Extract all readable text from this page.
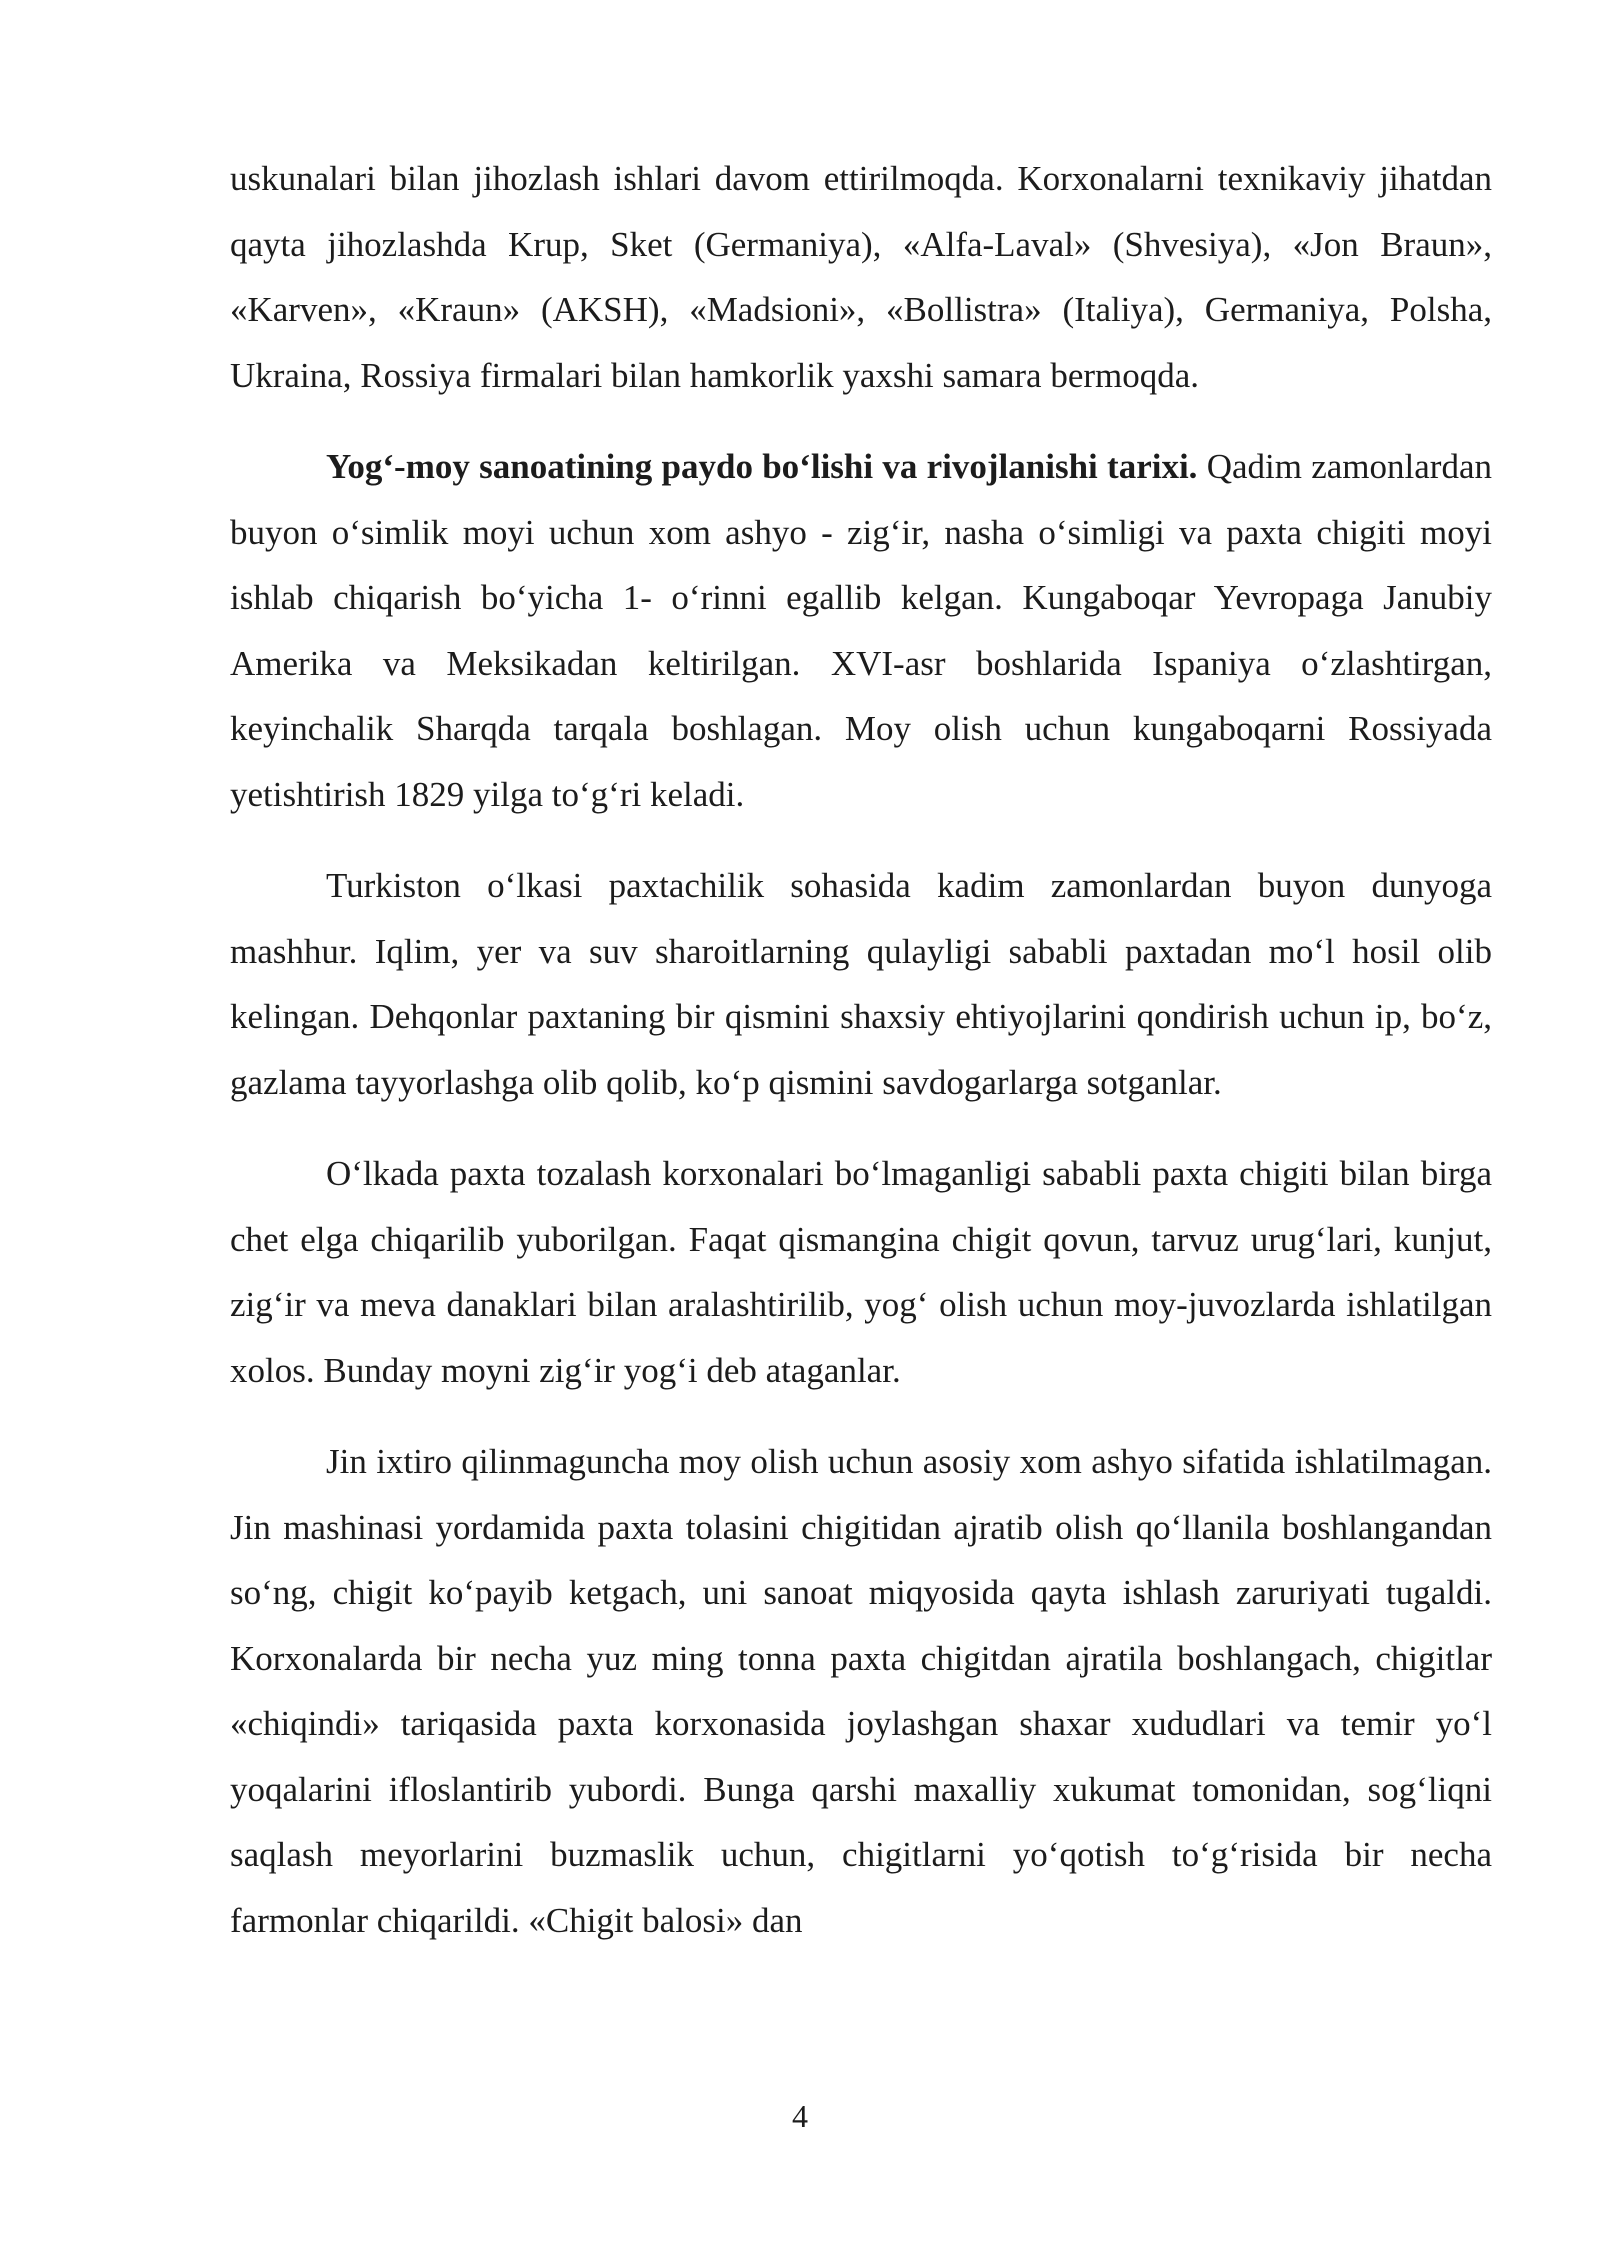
uskunalari bilan jihozlash ishlari davom ettirilmoqda. Korxonalarni texnikaviy jihatdan qayta jihozlashda Krup, Sket (Germaniya), «Alfa-Laval» (Shvesiya), «Jon Braun», «Karven», «Kraun» (AKSH), «Madsioni», «Bollistra» (Italiya), Germaniya, Polsha, Ukraina, Rossiya firmalari bilan hamkorlik yaxshi samara bermoqda.

Yog‘-moy sanoatining paydo bo‘lishi va rivojlanishi tarixi. Qadim zamonlardan buyon o‘simlik moyi uchun xom ashyo - zig‘ir, nasha o‘simligi va paxta chigiti moyi ishlab chiqarish bo‘yicha 1- o‘rinni egallib kelgan. Kungaboqar Yevropaga Janubiy Amerika va Meksikadan keltirilgan. XVI-asr boshlarida Ispaniya o‘zlashtirgan, keyinchalik Sharqda tarqala boshlagan. Moy olish uchun kungaboqarni Rossiyada yetishtirish 1829 yilga to‘g‘ri keladi.

Turkiston o‘lkasi paxtachilik sohasida kadim zamonlardan buyon dunyoga mashhur. Iqlim, yer va suv sharoitlarning qulayligi sababli paxtadan mo‘l hosil olib kelingan. Dehqonlar paxtaning bir qismini shaxsiy ehtiyojlarini qondirish uchun ip, bo‘z, gazlama tayyorlashga olib qolib, ko‘p qismini savdogarlarga sotganlar.

O‘lkada paxta tozalash korxonalari bo‘lmaganligi sababli paxta chigiti bilan birga chet elga chiqarilib yuborilgan. Faqat qismangina chigit qovun, tarvuz urug‘lari, kunjut, zig‘ir va meva danaklari bilan aralashtirilib, yog‘ olish uchun moy-juvozlarda ishlatilgan xolos. Bunday moyni zig‘ir yog‘i deb ataganlar.

Jin ixtiro qilinmaguncha moy olish uchun asosiy xom ashyo sifatida ishlatilmagan. Jin mashinasi yordamida paxta tolasini chigitidan ajratib olish qo‘llanila boshlangandan so‘ng, chigit ko‘payib ketgach, uni sanoat miqyosida qayta ishlash zaruriyati tugaldi. Korxonalarda bir necha yuz ming tonna paxta chigitdan ajratila boshlangach, chigitlar «chiqindi» tariqasida paxta korxonasida joylashgan shaxar xududlari va temir yo‘l yoqalarini ifloslantirib yubordi. Bunga qarshi maxalliy xukumat tomonidan, sog‘liqni saqlash meyorlarini buzmaslik uchun, chigitlarni yo‘qotish to‘g‘risida bir necha farmonlar chiqarildi. «Chigit balosi» dan

4
